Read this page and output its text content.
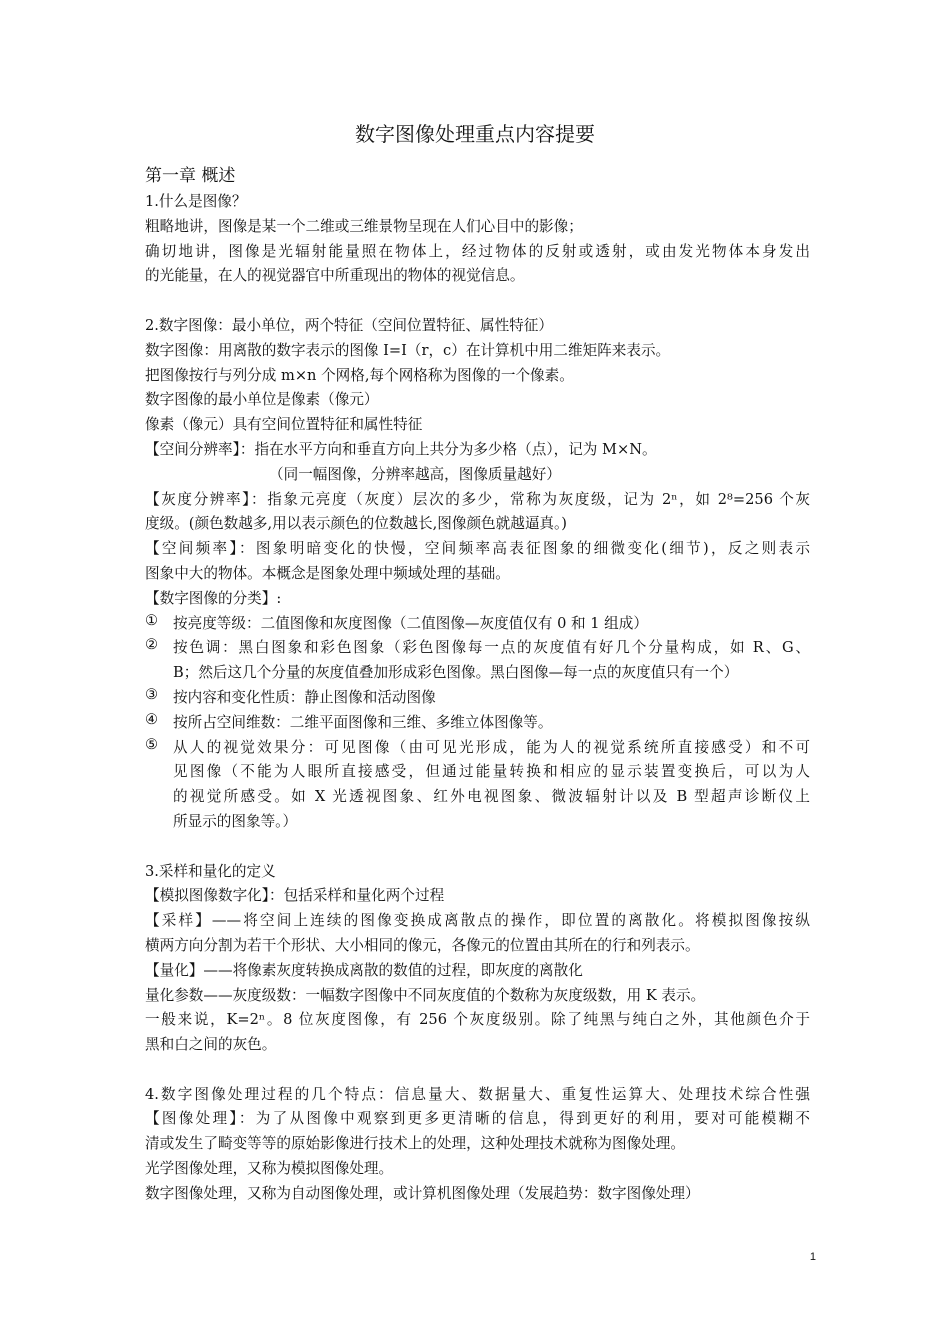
数字图像处理重点内容提要
第一章 概述
1.什么是图像？
粗略地讲，图像是某一个二维或三维景物呈现在人们心目中的影像；
确切地讲，图像是光辐射能量照在物体上，经过物体的反射或透射，或由发光物体本身发出
的光能量，在人的视觉器官中所重现出的物体的视觉信息。
2.数字图像：最小单位，两个特征（空间位置特征、属性特征）
数字图像：用离散的数字表示的图像 I=I（r，c）在计算机中用二维矩阵来表示。
把图像按行与列分成 m×n 个网格,每个网格称为图像的一个像素。
数字图像的最小单位是像素（像元）
像素（像元）具有空间位置特征和属性特征
【空间分辨率】：指在水平方向和垂直方向上共分为多少格（点），记为 M×N。
（同一幅图像，分辨率越高，图像质量越好）
【灰度分辨率】：指象元亮度（灰度）层次的多少，常称为灰度级，记为 2ⁿ，如 2⁸=256 个灰
度级。(颜色数越多,用以表示颜色的位数越长,图像颜色就越逼真。)
【空间频率】：图象明暗变化的快慢，空间频率高表征图象的细微变化(细节)，反之则表示
图象中大的物体。本概念是图象处理中频域处理的基础。
【数字图像的分类】:
① 按亮度等级：二值图像和灰度图像（二值图像—灰度值仅有 0 和 1 组成）
② 按色调：黑白图象和彩色图象（彩色图像每一点的灰度值有好几个分量构成，如 R、G、
B；然后这几个分量的灰度值叠加形成彩色图像。黑白图像—每一点的灰度值只有一个）
③ 按内容和变化性质：静止图像和活动图像
④ 按所占空间维数：二维平面图像和三维、多维立体图像等。
⑤ 从人的视觉效果分：可见图像（由可见光形成，能为人的视觉系统所直接感受）和不可
见图像（不能为人眼所直接感受，但通过能量转换和相应的显示装置变换后，可以为人
的视觉所感受。如 X 光透视图象、红外电视图象、微波辐射计以及 B 型超声诊断仪上
所显示的图象等。）
3.采样和量化的定义
【模拟图像数字化】：包括采样和量化两个过程
【采样】——将空间上连续的图像变换成离散点的操作，即位置的离散化。将模拟图像按纵
横两方向分割为若干个形状、大小相同的像元，各像元的位置由其所在的行和列表示。
【量化】——将像素灰度转换成离散的数值的过程，即灰度的离散化
量化参数——灰度级数：一幅数字图像中不同灰度值的个数称为灰度级数，用 K 表示。
一般来说，K=2ⁿ。8 位灰度图像，有 256 个灰度级别。除了纯黑与纯白之外，其他颜色介于
黑和白之间的灰色。
4.数字图像处理过程的几个特点：信息量大、数据量大、重复性运算大、处理技术综合性强
【图像处理】：为了从图像中观察到更多更清晰的信息，得到更好的利用，要对可能模糊不
清或发生了畸变等等的原始影像进行技术上的处理，这种处理技术就称为图像处理。
光学图像处理，又称为模拟图像处理。
数字图像处理，又称为自动图像处理，或计算机图像处理（发展趋势：数字图像处理）
1
